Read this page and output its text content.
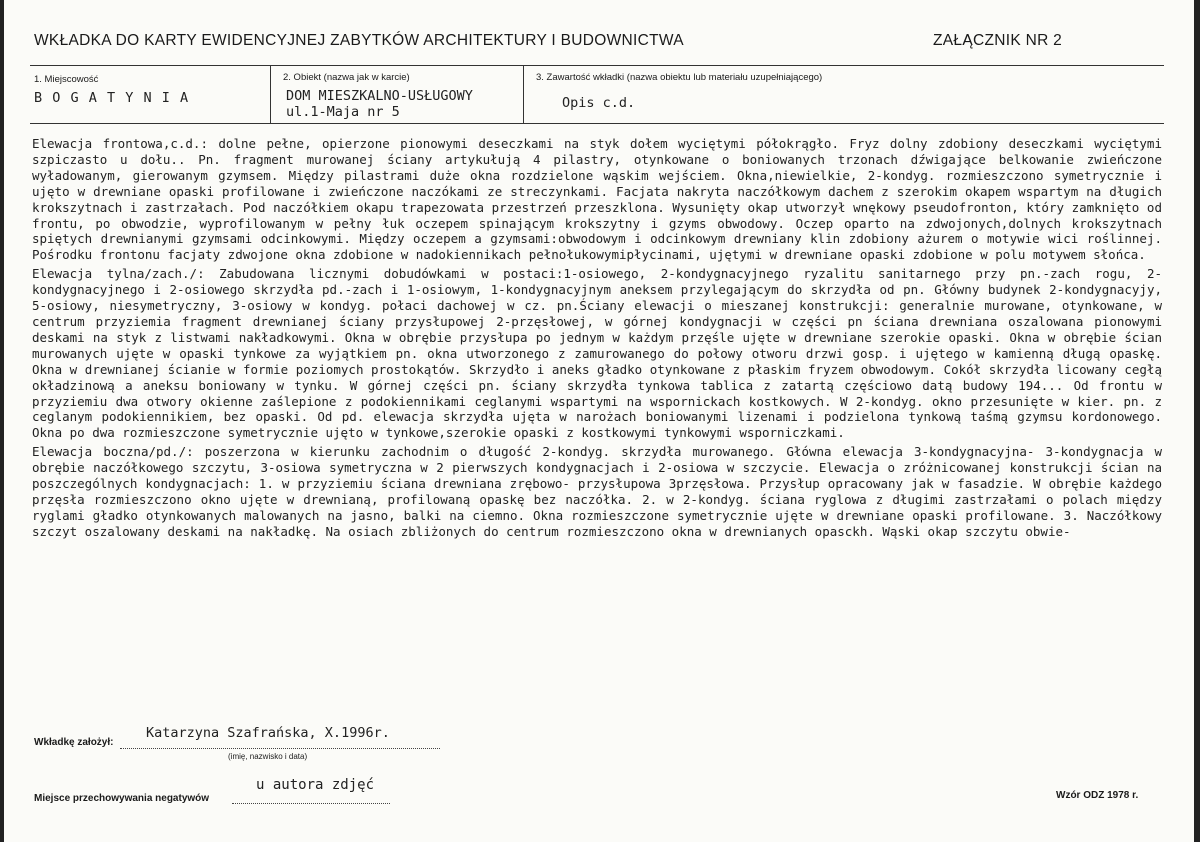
WKŁADKA DO KARTY EWIDENCYJNEJ ZABYTKÓW ARCHITEKTURY I BUDOWNICTWA	ZAŁĄCZNIK NR 2
1. Miejscowość
B O G A T Y N I A
2. Obiekt (nazwa jak w karcie)
DOM MIESZKALNO-USŁUGOWY
ul.1-Maja nr 5
3. Zawartość wkładki (nazwa obiektu lub materiału uzupełniającego)
Opis c.d.

Elewacja frontowa,c.d.: dolne pełne, opierzone pionowymi deseczkami na styk dołem wyciętymi półokrągło. Fryz dolny zdobiony deseczkami wyciętymi szpiczasto u dołu.. Pn. fragment murowanej ściany artykułują 4 pilastry, otynkowane o boniowanych trzonach dźwigające belkowanie zwieńczone wyładowanym, gierowanym gzymsem. Między pilastrami duże okna rozdzielone wąskim wejściem. Okna,niewielkie, 2-kondyg. rozmieszczono symetrycznie i ujęto w drewniane opaski profilowane i zwieńczone naczókami ze streczynkami. Facjata nakryta naczółkowym dachem z szerokim okapem wspartym na długich krokszytnach i zastrzałach. Pod naczółkiem okapu trapezowata przestrzeń przeszklona. Wysunięty okap utworzył wnękowy pseudofronton, który zamknięto od frontu, po obwodzie, wyprofilowanym w pełny łuk oczepem spinającym krokszytny i gzyms obwodowy. Oczep oparto na zdwojonych,dolnych krokszytnach spiętych drewnianymi gzymsami odcinkowymi. Między oczepem a gzymsami:obwodowym i odcinkowym drewniany klin zdobiony ażurem o motywie wici roślinnej. Pośrodku frontonu facjaty zdwojone okna zdobione w nadokiennikach pełnołukowymipłycinami, ujętymi w drewniane opaski zdobione w polu motywem słońca.

Elewacja tylna/zach./: Zabudowana licznymi dobudówkami w postaci:1-osiowego, 2-kondygnacyjnego ryzalitu sanitarnego przy pn.-zach rogu, 2-kondygnacyjnego i 2-osiowego skrzydła pd.-zach i 1-osiowym, 1-kondygnacyjnym aneksem przylegającym do skrzydła od pn. Główny budynek 2-kondygnacyjy, 5-osiowy, niesymetryczny, 3-osiowy w kondyg. połaci dachowej w cz. pn.Ściany elewacji o mieszanej konstrukcji: generalnie murowane, otynkowane, w centrum przyziemia fragment drewnianej ściany przysłupowej 2-przęsłowej, w górnej kondygnacji w części pn ściana drewniana oszalowana pionowymi deskami na styk z listwami nakładkowymi. Okna w obrębie przysłupa po jednym w każdym przęśle ujęte w drewniane szerokie opaski. Okna w obrębie ścian murowanych ujęte w opaski tynkowe za wyjątkiem pn. okna utworzonego z zamurowanego do połowy otworu drzwi gosp. i ujętego w kamienną długą opaskę. Okna w drewnianej ścianie w formie poziomych prostokątów. Skrzydło i aneks gładko otynkowane z płaskim fryzem obwodowym. Cokół skrzydła licowany cegłą okładzinową a aneksu boniowany w tynku. W górnej części pn. ściany skrzydła tynkowa tablica z zatartą częściowo datą budowy 194... Od frontu w przyziemiu dwa otwory okienne zaślepione z podokiennikami ceglanymi wspartymi na wspornickach kostkowych. W 2-kondyg. okno przesunięte w kier. pn. z ceglanym podokiennikiem, bez opaski. Od pd. elewacja skrzydła ujęta w narożach boniowanymi lizenami i podzielona tynkową taśmą gzymsu kordonowego. Okna po dwa rozmieszczone symetrycznie ujęto w tynkowe,szerokie opaski z kostkowymi tynkowymi wsporniczkami.

Elewacja boczna/pd./: poszerzona w kierunku zachodnim o długość 2-kondyg. skrzydła murowanego. Główna elewacja 3-kondygnacyjna- 3-kondygnacja w obrębie naczółkowego szczytu, 3-osiowa symetryczna w 2 pierwszych kondygnacjach i 2-osiowa w szczycie. Elewacja o zróżnicowanej konstrukcji ścian na poszczególnych kondygnacjach: 1. w przyziemiu ściana drewniana zrębowo- przysłupowa 3przęsłowa. Przysłup opracowany jak w fasadzie. W obrębie każdego przęsła rozmieszczono okno ujęte w drewnianą, profilowaną opaskę bez naczółka. 2. w 2-kondyg. ściana ryglowa z długimi zastrzałami o polach między ryglami gładko otynkowanych malowanych na jasno, balki na ciemno. Okna rozmieszczone symetrycznie ujęte w drewniane opaski profilowane. 3. Naczółkowy szczyt oszalowany deskami na nakładkę. Na osiach zbliżonych do centrum rozmieszczono okna w drewnianych opasckh. Wąski okap szczytu obwie-

Wkładkę założył:
Katarzyna Szafrańska, X.1996r.
(imię, nazwisko i data)
Miejsce przechowywania negatywów
u autora zdjęć
Wzór ODZ 1978 r.
